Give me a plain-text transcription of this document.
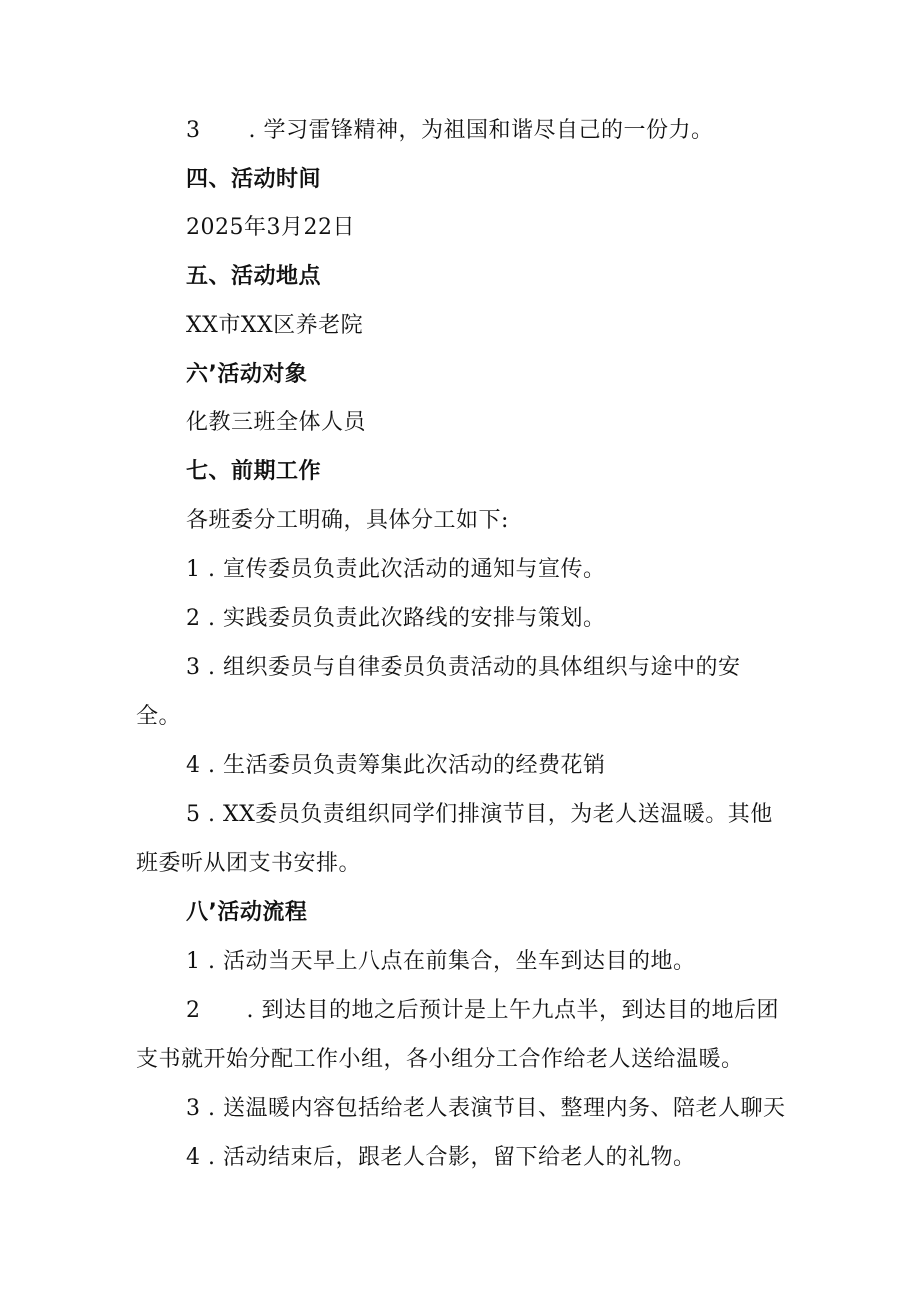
3 . 学习雷锋精神，为祖国和谐尽自己的一份力。
四、活动时间
2025年3月22日
五、活动地点
XX市XX区养老院
六’活动对象
化教三班全体人员
七、前期工作
各班委分工明确，具体分工如下:
1 . 宣传委员负责此次活动的通知与宣传。
2 . 实践委员负责此次路线的安排与策划。
3 . 组织委员与自律委员负责活动的具体组织与途中的安
全。
4 . 生活委员负责筹集此次活动的经费花销
5 . XX委员负责组织同学们排演节目，为老人送温暖。其他
班委听从团支书安排。
八’活动流程
1 . 活动当天早上八点在前集合，坐车到达目的地。
2 . 到达目的地之后预计是上午九点半，到达目的地后团
支书就开始分配工作小组，各小组分工合作给老人送给温暖。
3 . 送温暖内容包括给老人表演节目、整理内务、陪老人聊天
4 . 活动结束后，跟老人合影，留下给老人的礼物。
